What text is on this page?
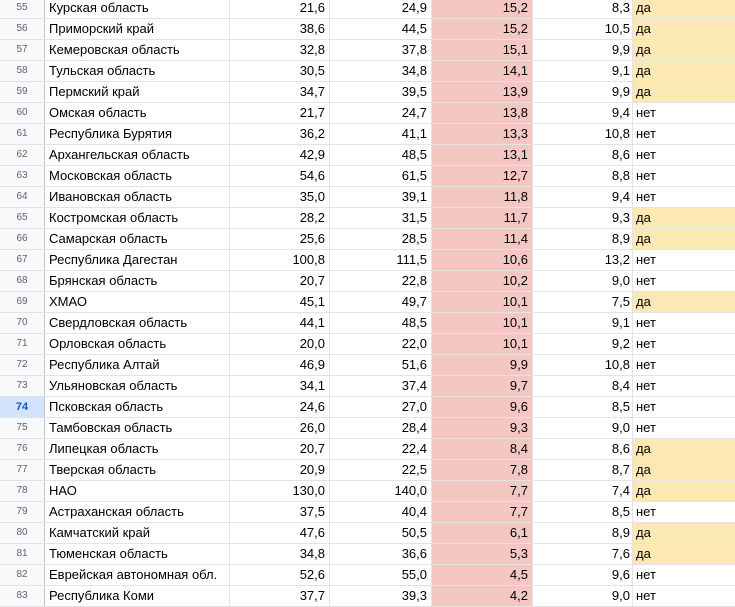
55	Курская область	21,6	24,9	15,2	8,3 да
56	Приморский край	38,6	44,5	15,2	10,5 да
57	Кемеровская область	32,8	37,8	15,1	9,9 да
58	Тульская область	30,5	34,8	14,1	9,1 да
59	Пермский край	34,7	39,5	13,9	9,9 да
60	Омская область	21,7	24,7	13,8	9,4 нет
61	Республика Бурятия	36,2	41,1	13,3	10,8 нет
62	Архангельская область	42,9	48,5	13,1	8,6 нет
63	Московская область	54,6	61,5	12,7	8,8 нет
64	Ивановская область	35,0	39,1	11,8	9,4 нет
65	Костромская область	28,2	31,5	11,7	9,3 да
66	Самарская область	25,6	28,5	11,4	8,9 да
67	Республика Дагестан	100,8	111,5	10,6	13,2 нет
68	Брянская область	20,7	22,8	10,2	9,0 нет
69	ХМАО	45,1	49,7	10,1	7,5 да
70	Свердловская область	44,1	48,5	10,1	9,1 нет
71	Орловская область	20,0	22,0	10,1	9,2 нет
72	Республика Алтай	46,9	51,6	9,9	10,8 нет
73	Ульяновская область	34,1	37,4	9,7	8,4 нет
74	Псковская область	24,6	27,0	9,6	8,5 нет
75	Тамбовская область	26,0	28,4	9,3	9,0 нет
76	Липецкая область	20,7	22,4	8,4	8,6 да
77	Тверская область	20,9	22,5	7,8	8,7 да
78	НАО	130,0	140,0	7,7	7,4 да
79	Астраханская область	37,5	40,4	7,7	8,5 нет
80	Камчатский край	47,6	50,5	6,1	8,9 да
81	Тюменская область	34,8	36,6	5,3	7,6 да
82	Еврейская автономная обл.	52,6	55,0	4,5	9,6 нет
83	Республика Коми	37,7	39,3	4,2	9,0 нет
